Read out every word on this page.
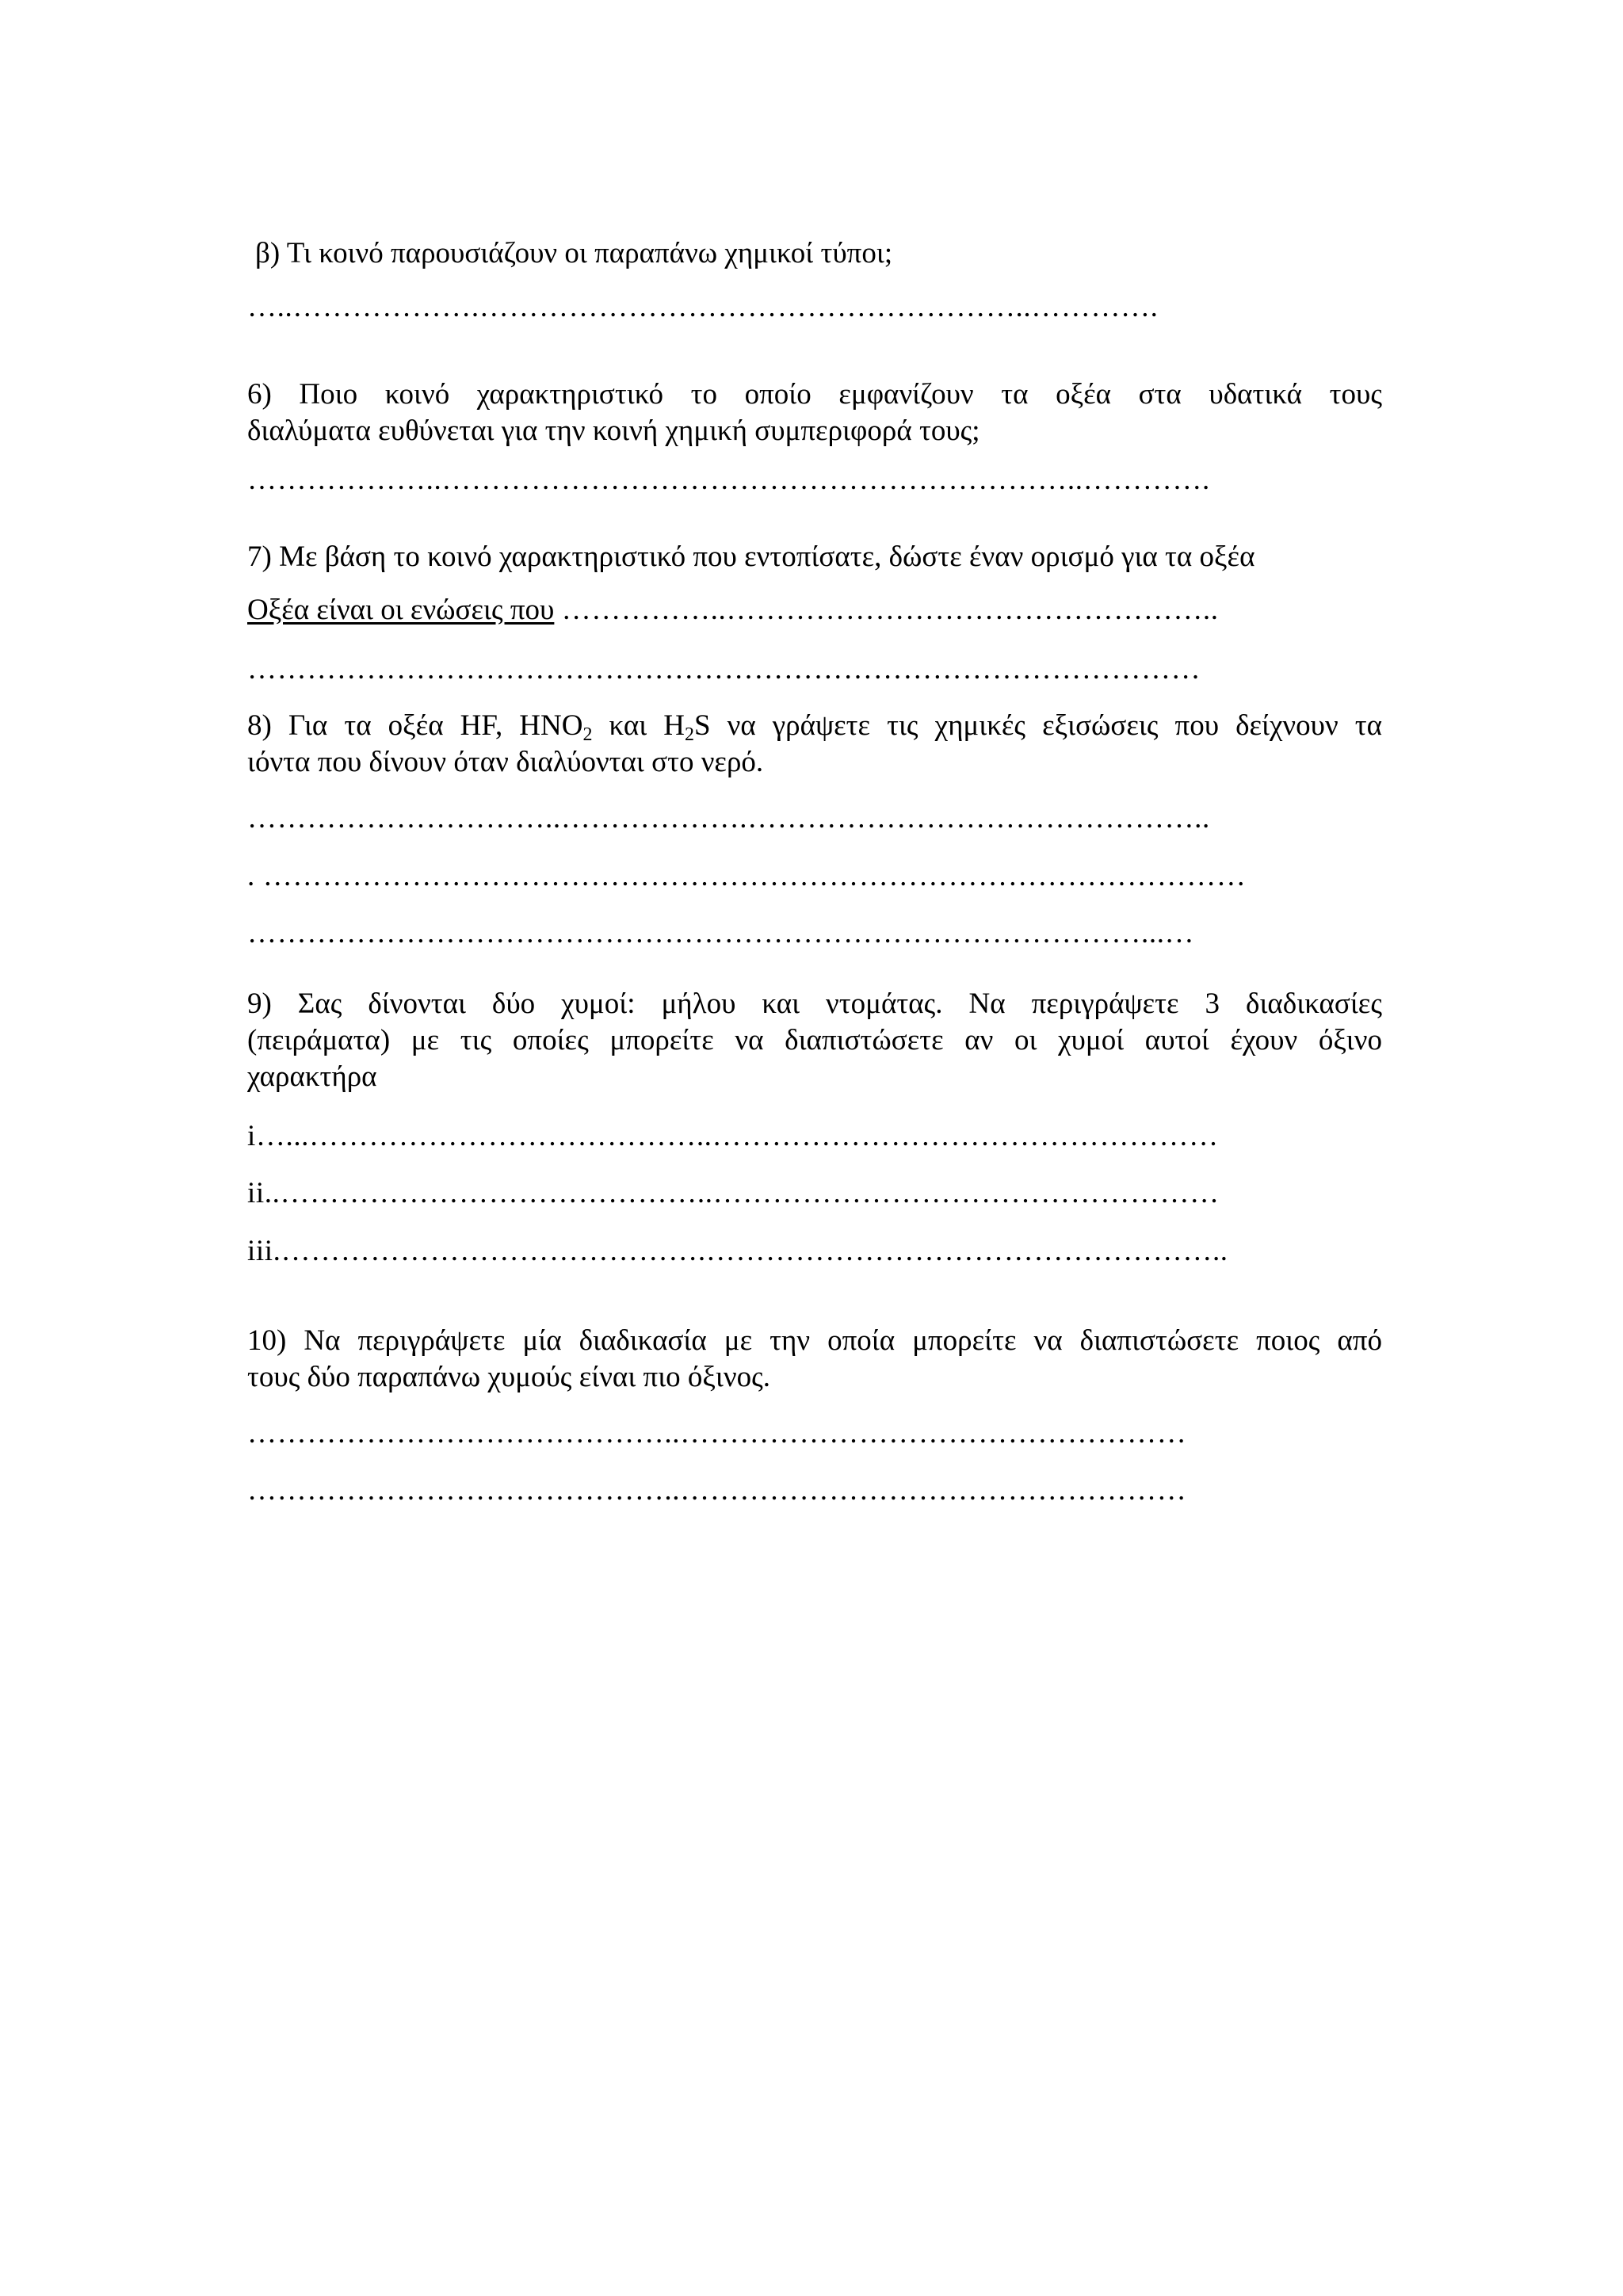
β) Τι κοινό παρουσιάζουν οι παραπάνω χημικοί τύποι;
…..……………….………………………………………………..………….
6) Ποιο κοινό χαρακτηριστικό το οποίο εμφανίζουν τα οξέα στα υδατικά τους
διαλύματα ευθύνεται για την κοινή χημική συμπεριφορά τους;
………………..………………………………………………………..………….
7) Με βάση το κοινό χαρακτηριστικό που εντοπίσατε, δώστε έναν ορισμό για τα οξέα
Οξέα είναι οι ενώσεις που ……………..…………………………………………..
……………………………………………………………………………………
8) Για τα οξέα HF, $HNO_2$ και $H_2S$ να γράψετε τις χημικές εξισώσεις που δείχνουν τα
ιόντα που δίνουν όταν διαλύονται στο νερό.
…………………………..……………….………………………………………..
. ………………………………………………………………………………………
………………………………………………………………………………...…
9) Σας δίνονται δύο χυμοί: μήλου και ντομάτας. Να περιγράψετε 3 διαδικασίες
(πειράματα) με τις οποίες μπορείτε να διαπιστώσετε αν οι χυμοί αυτοί έχουν όξινο
χαρακτήρα
i…...…………………………………..……………………………………………
ii..……………………………………..……………………………………………
iii.…………………………………….……………………………………………..
10) Να περιγράψετε μία διαδικασία με την οποία μπορείτε να διαπιστώσετε ποιος από
τους δύο παραπάνω χυμούς είναι πιο όξινος.
……………………………………..……………………………………………
……………………………………..……………………………………………
